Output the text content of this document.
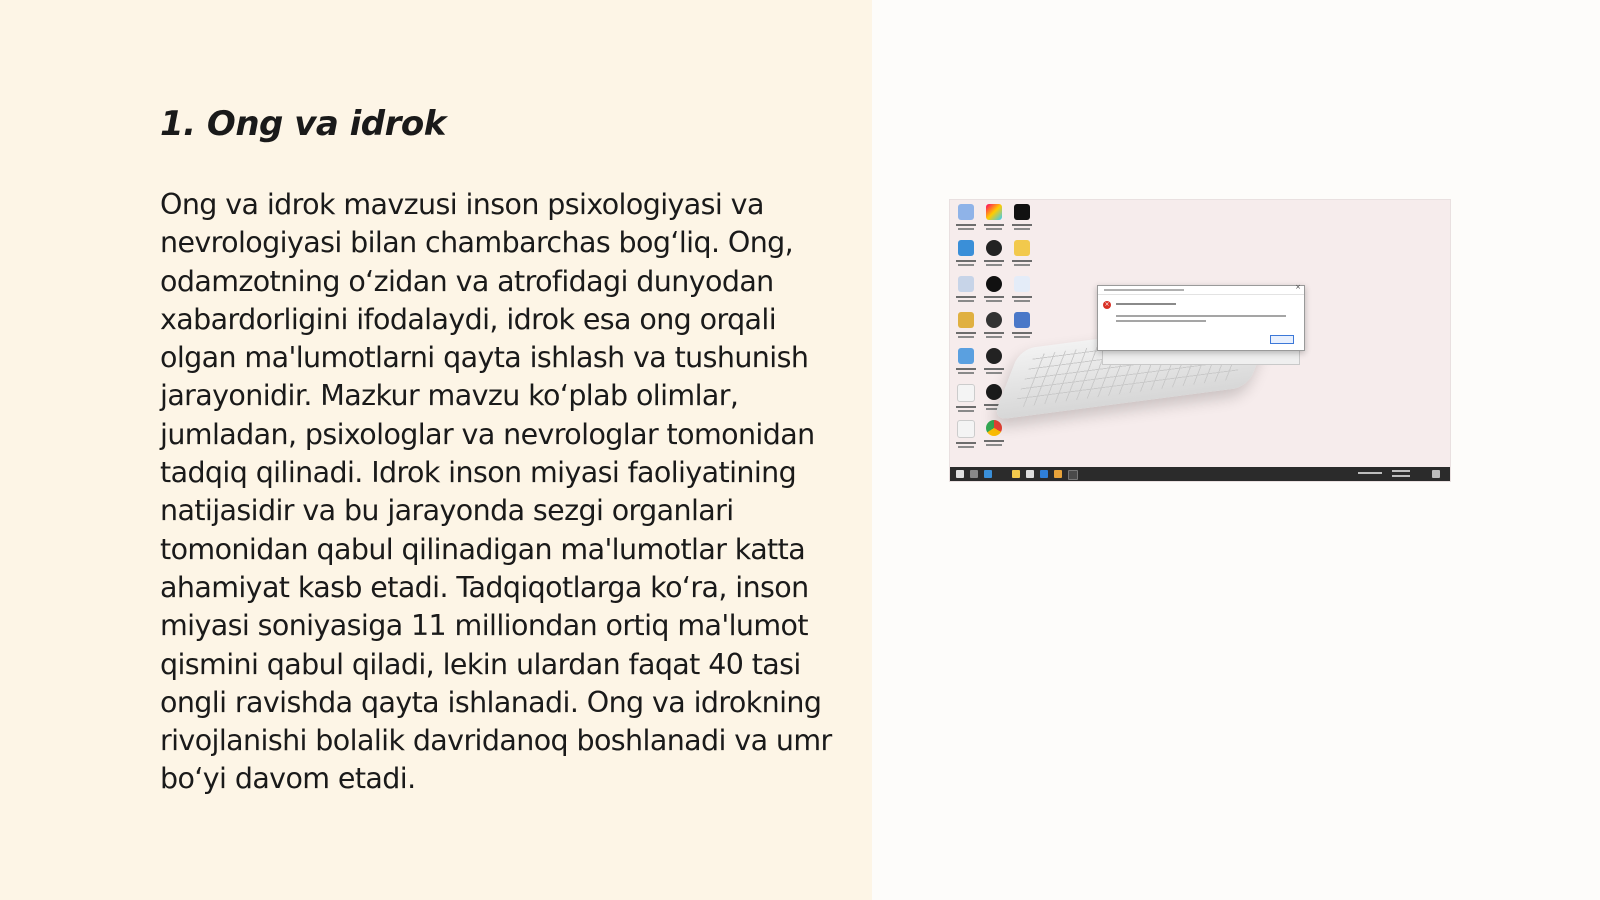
1. Ong va idrok

Ong va idrok mavzusi inson psixologiyasi va nevrologiyasi bilan chambarchas bog‘liq. Ong, odamzotning o‘zidan va atrofidagi dunyodan xabardorligini ifodalaydi, idrok esa ong orqali olgan ma'lumotlarni qayta ishlash va tushunish jarayonidir. Mazkur mavzu ko‘plab olimlar, jumladan, psixologlar va nevrologlar tomonidan tadqiq qilinadi. Idrok inson miyasi faoliyatining natijasidir va bu jarayonda sezgi organlari tomonidan qabul qilinadigan ma'lumotlar katta ahamiyat kasb etadi. Tadqiqotlarga ko‘ra, inson miyasi soniyasiga 11 milliondan ortiq ma'lumot qismini qabul qiladi, lekin ulardan faqat 40 tasi ongli ravishda qayta ishlanadi. Ong va idrokning rivojlanishi bolalik davridanoq boshlanadi va umr bo‘yi davom etadi.

×
×
